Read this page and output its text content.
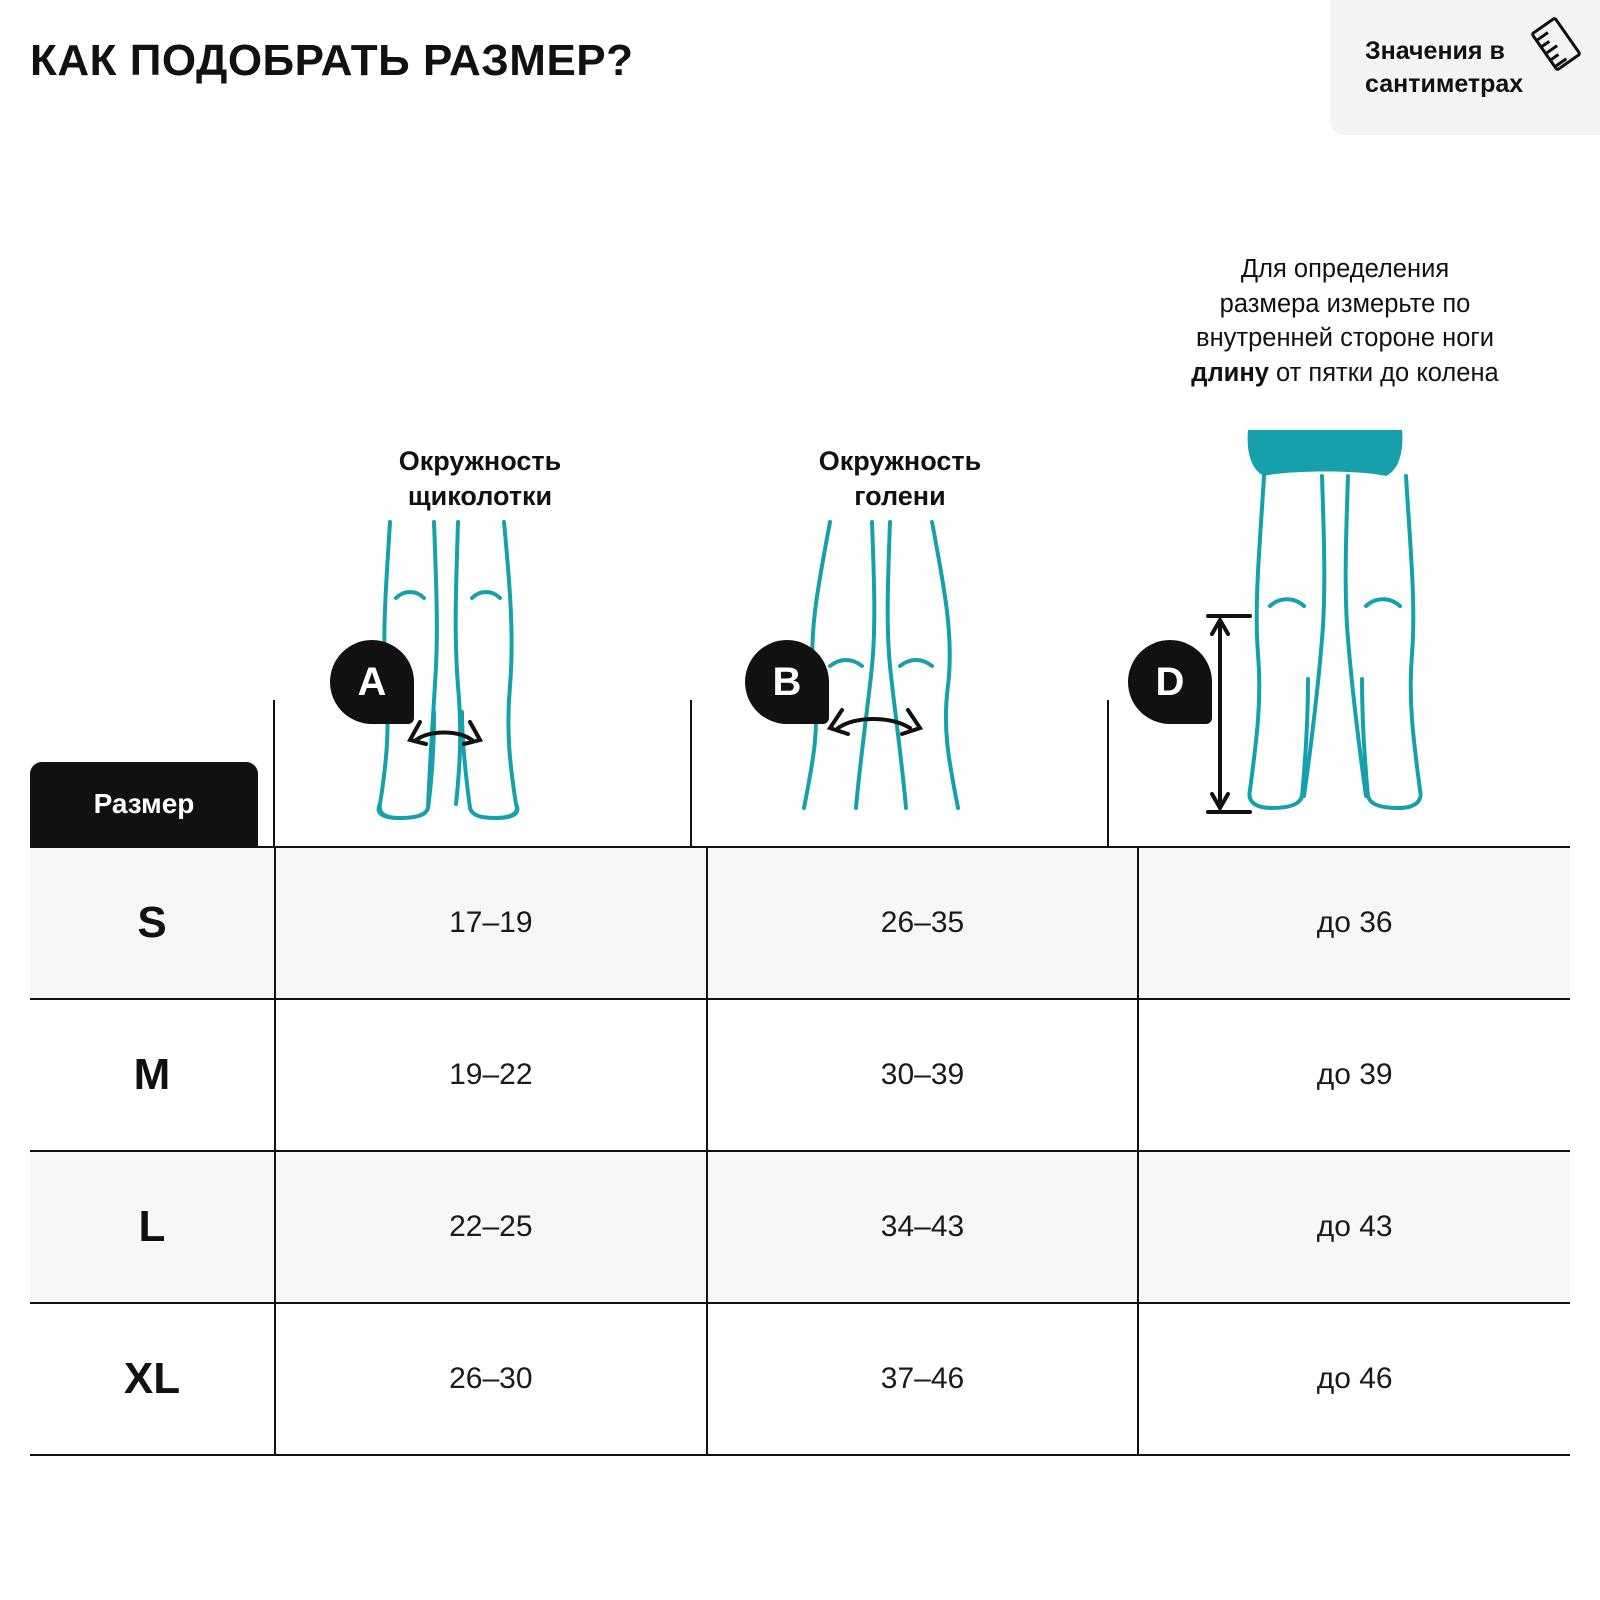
КАК ПОДОБРАТЬ РАЗМЕР?	Значения в сантиметрах
Для определения
размера измерьте по
внутренней стороне ноги
длину от пятки до колена
Окружность
щиколотки
Окружность
голени
A	B	D
Размер
S	17–19	26–35	до 36
M	19–22	30–39	до 39
L	22–25	34–43	до 43
XL	26–30	37–46	до 46
